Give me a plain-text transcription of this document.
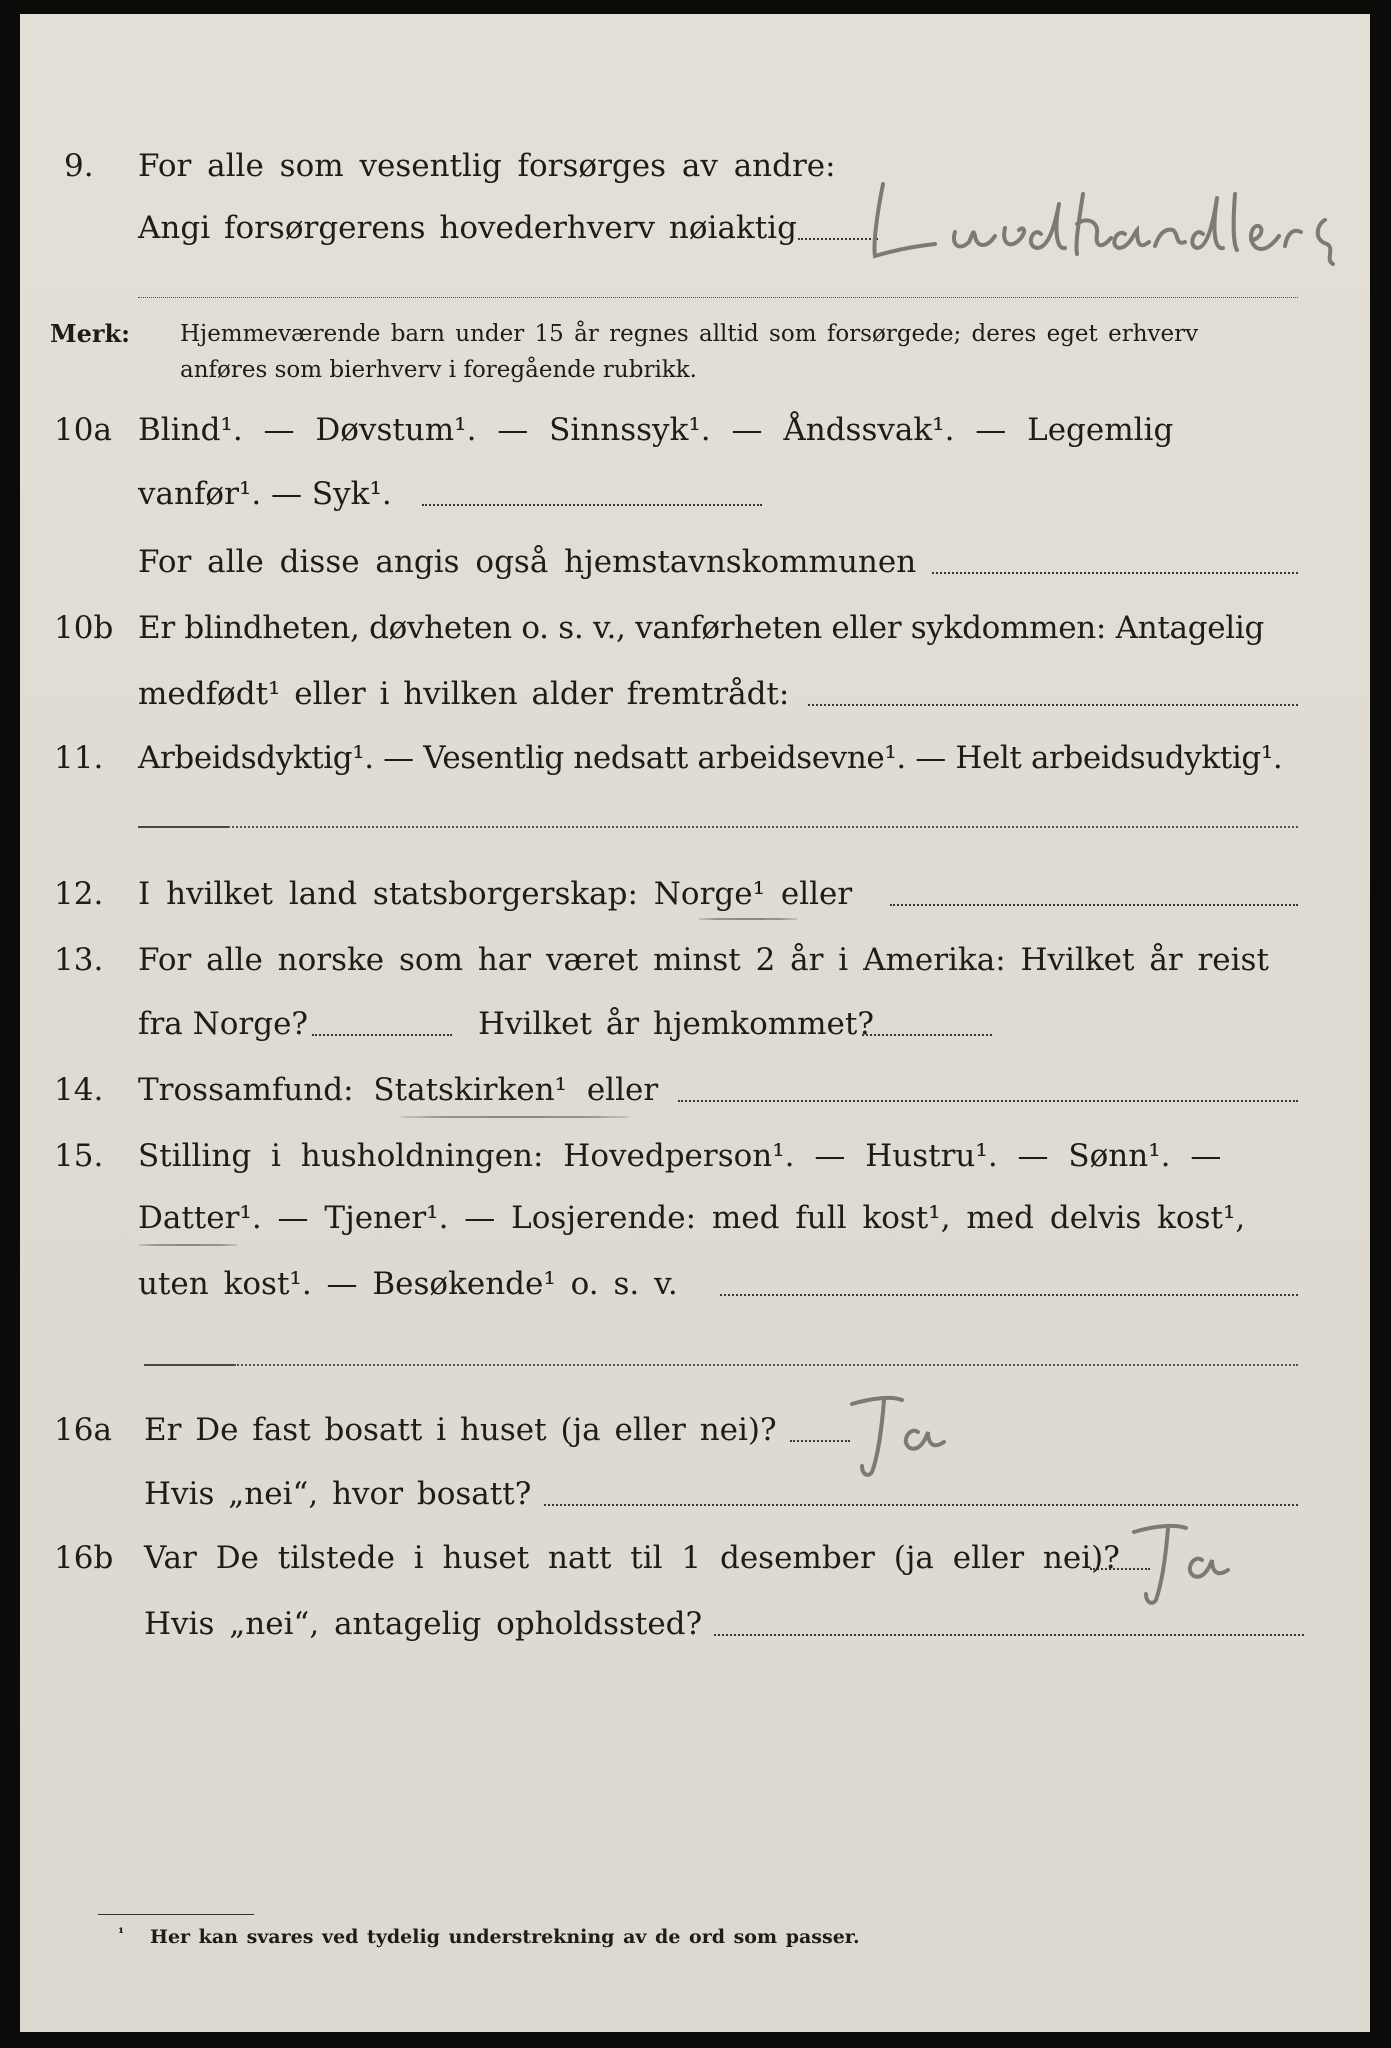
9. For alle som vesentlig forsørges av andre:
Angi forsørgerens hovederhverv nøiaktig
Merk: Hjemmeværende barn under 15 år regnes alltid som forsørgede; deres eget erhverv
anføres som bierhverv i foregående rubrikk.
10a Blind¹. — Døvstum¹. — Sinnssyk¹. — Åndssvak¹. — Legemlig
vanfør¹. — Syk¹.
For alle disse angis også hjemstavnskommunen
10b Er blindheten, døvheten o. s. v., vanførheten eller sykdommen: Antagelig
medfødt¹ eller i hvilken alder fremtrådt:
11. Arbeidsdyktig¹. — Vesentlig nedsatt arbeidsevne¹. — Helt arbeidsudyktig¹.
12. I hvilket land statsborgerskap: Norge¹ eller
13. For alle norske som har været minst 2 år i Amerika: Hvilket år reist
fra Norge?	Hvilket år hjemkommet?
14. Trossamfund: Statskirken¹ eller
15. Stilling i husholdningen: Hovedperson¹. — Hustru¹. — Sønn¹. —
Datter¹. — Tjener¹. — Losjerende: med full kost¹, med delvis kost¹,
uten kost¹. — Besøkende¹ o. s. v.
16a Er De fast bosatt i huset (ja eller nei)?
Hvis „nei“, hvor bosatt?
16b Var De tilstede i huset natt til 1 desember (ja eller nei)?
Hvis „nei“, antagelig opholdssted?
¹ Her kan svares ved tydelig understrekning av de ord som passer.
